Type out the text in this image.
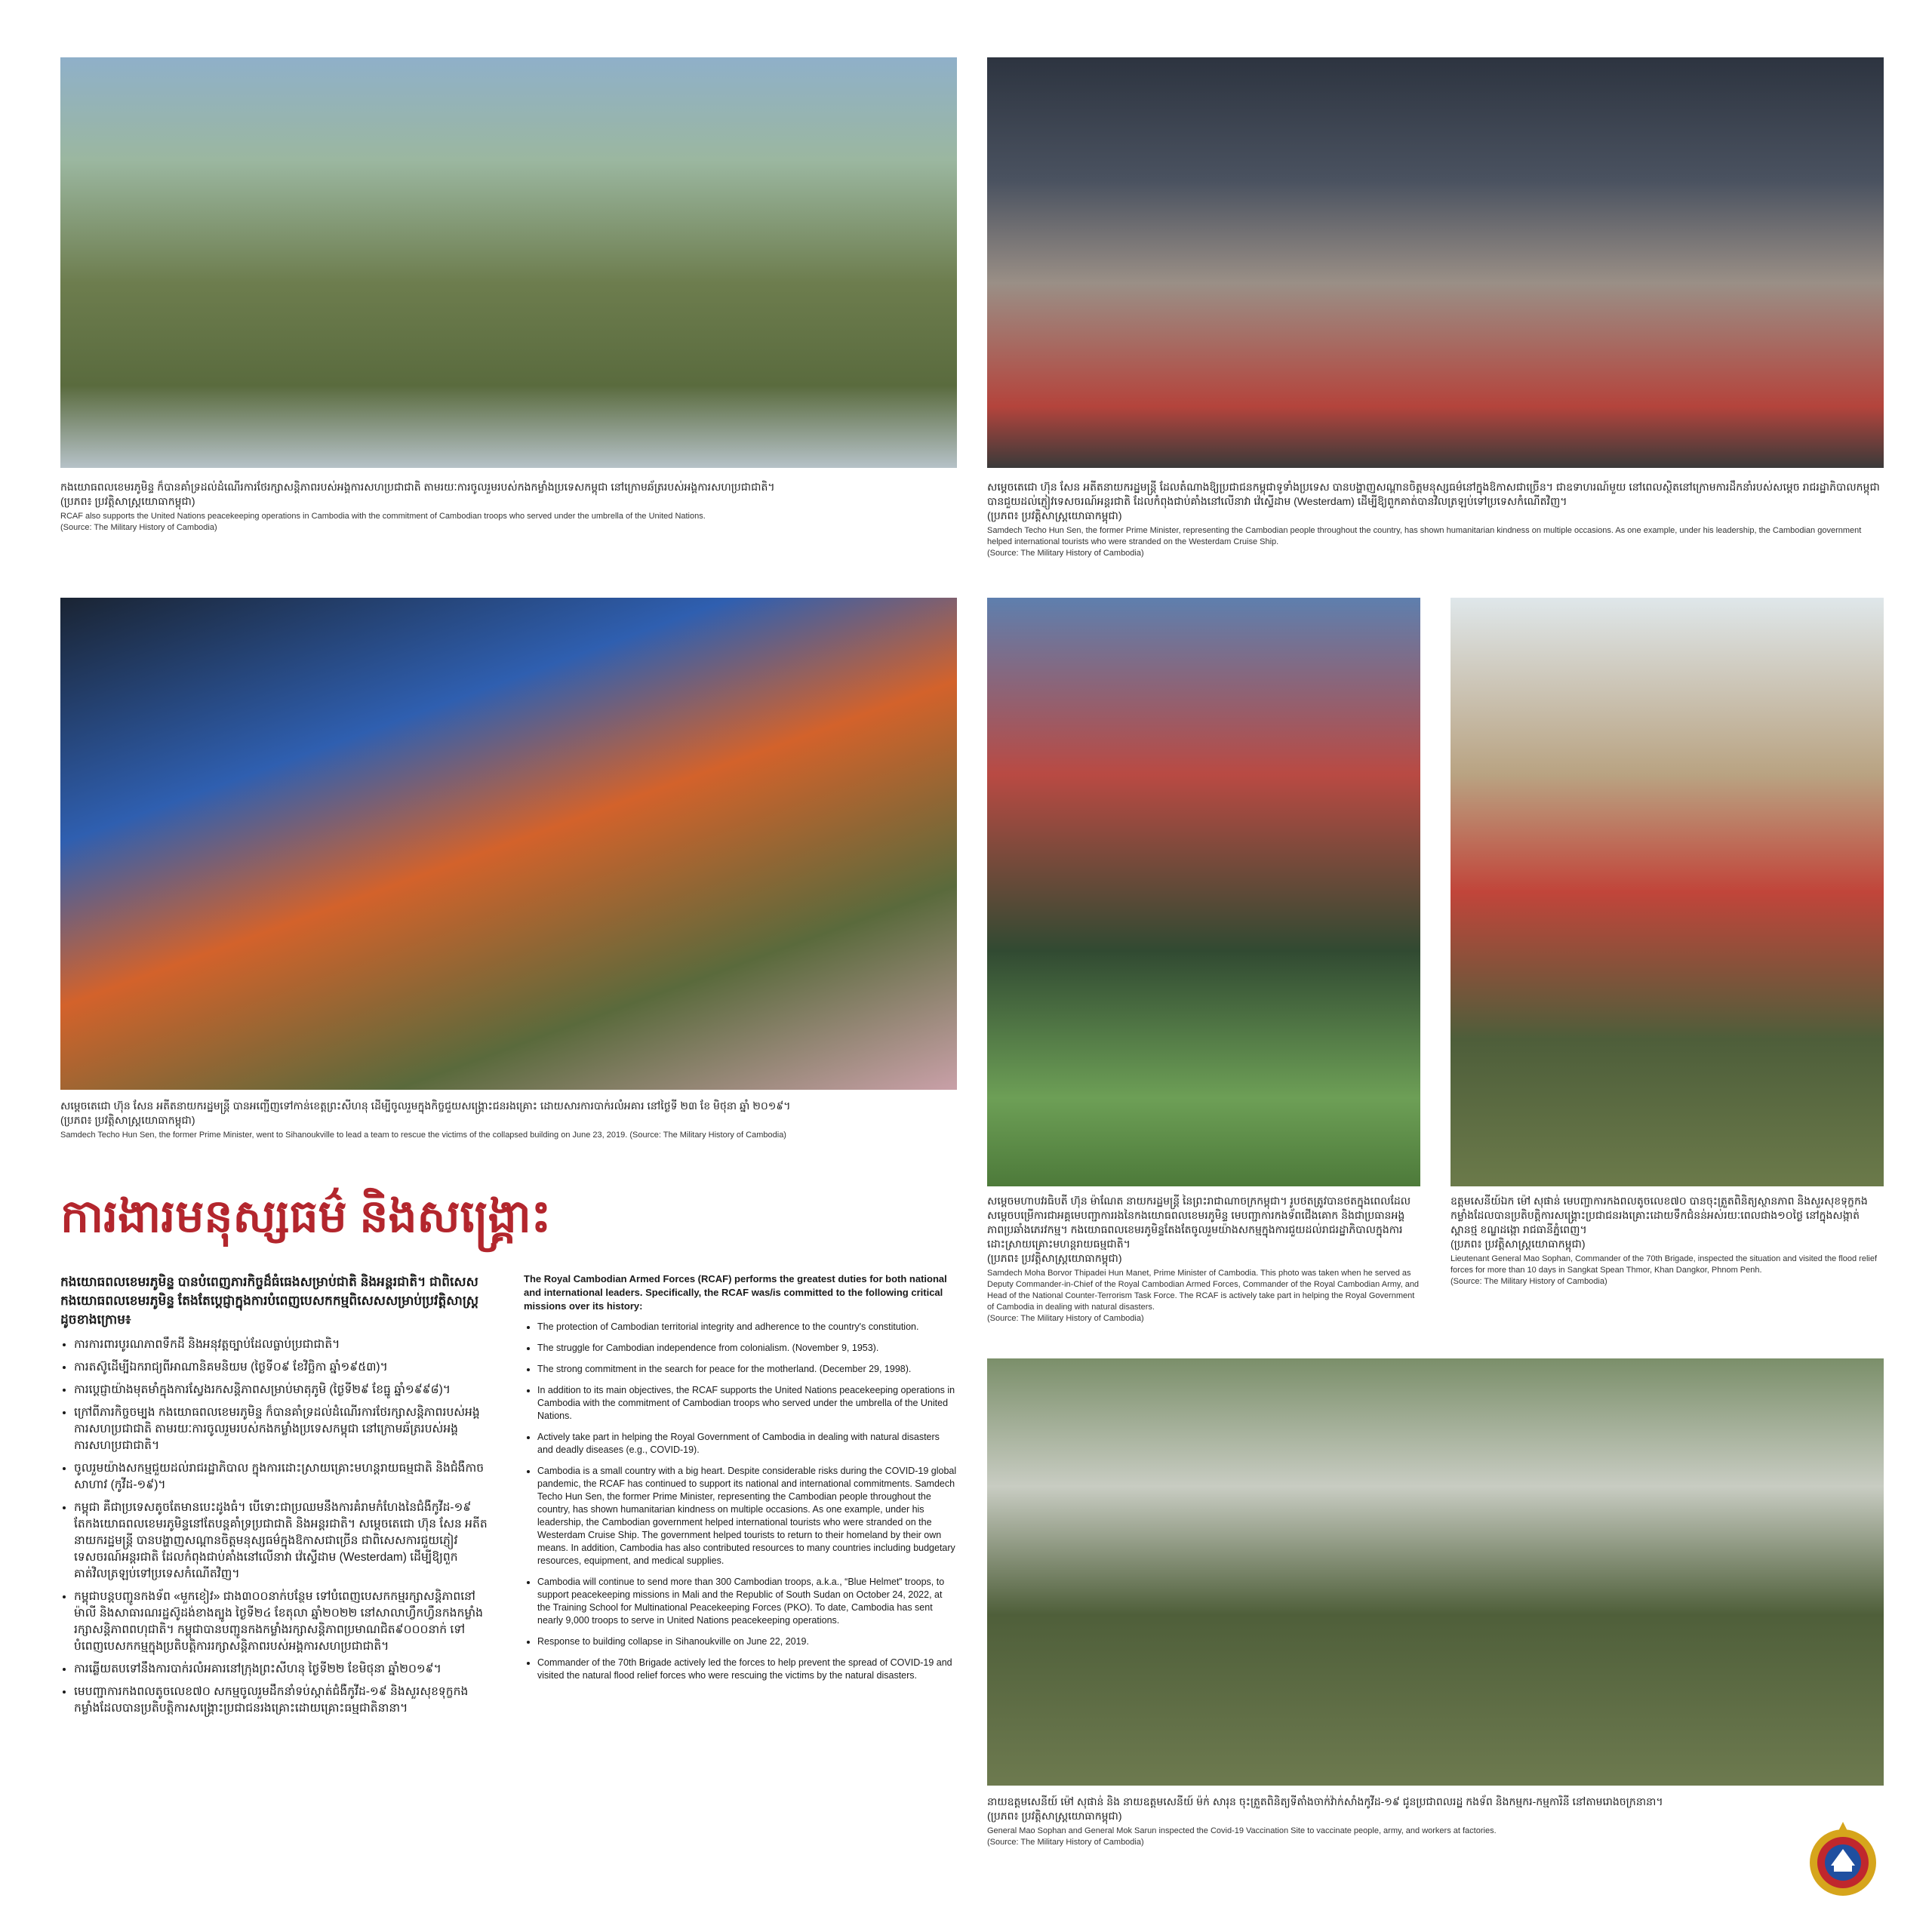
កងយោធពលខេមរភូមិន្ទ ក៏បានគាំទ្រដល់ដំណើរការថែរក្សាសន្តិភាពរបស់អង្គការសហប្រជាជាតិ តាមរយៈការចូលរួមរបស់កងកម្លាំងប្រទេសកម្ពុជា នៅក្រោមឆ័ត្ររបស់អង្គការសហប្រជាជាតិ។
(ប្រភព៖ ប្រវត្តិសាស្ត្រយោធាកម្ពុជា)
RCAF also supports the United Nations peacekeeping operations in Cambodia with the commitment of Cambodian troops who served under the umbrella of the United Nations.
(Source: The Military History of Cambodia)
សម្តេចតេជោ ហ៊ុន សែន អតីតនាយករដ្ឋមន្ត្រី ដែលតំណាងឱ្យប្រជាជនកម្ពុជាទូទាំងប្រទេស បានបង្ហាញសណ្តានចិត្តមនុស្សធម៌នៅក្នុងឱកាសជាច្រើន។ ជាឧទាហរណ៍មួយ នៅពេលស្ថិតនៅក្រោមការដឹកនាំរបស់សម្តេច រាជរដ្ឋាភិបាលកម្ពុជាបានជួយដល់ភ្ញៀវទេសចរណ៍អន្តរជាតិ ដែលកំពុងជាប់គាំងនៅលើនាវា វ៉េស្ទើដាម (Westerdam) ដើម្បីឱ្យពួកគាត់បានវិលត្រឡប់ទៅប្រទេសកំណើតវិញ។
(ប្រភព៖ ប្រវត្តិសាស្ត្រយោធាកម្ពុជា)
Samdech Techo Hun Sen, the former Prime Minister, representing the Cambodian people throughout the country, has shown humanitarian kindness on multiple occasions. As one example, under his leadership, the Cambodian government helped international tourists who were stranded on the Westerdam Cruise Ship.
(Source: The Military History of Cambodia)
សម្តេចតេជោ ហ៊ុន សែន អតីតនាយករដ្ឋមន្ត្រី បានអញ្ជើញទៅកាន់ខេត្តព្រះសីហនុ ដើម្បីចូលរួមក្នុងកិច្ចជួយសង្គ្រោះជនរងគ្រោះ ដោយសារការបាក់រលំអគារ នៅថ្ងៃទី ២៣ ខែ មិថុនា ឆ្នាំ ២០១៩។
(ប្រភព៖ ប្រវត្តិសាស្ត្រយោធាកម្ពុជា)
Samdech Techo Hun Sen, the former Prime Minister, went to Sihanoukville to lead a team to rescue the victims of the collapsed building on June 23, 2019. (Source: The Military History of Cambodia)
សម្តេចមហាបវរធិបតី ហ៊ុន ម៉ាណែត នាយករដ្ឋមន្ត្រី នៃព្រះរាជាណាចក្រកម្ពុជា។ រូបថតត្រូវបានថតក្នុងពេលដែលសម្តេចបម្រើការជាអគ្គមេបញ្ជាការរងនៃកងយោធពលខេមរភូមិន្ទ មេបញ្ជាការកងទ័ពជើងគោក និងជាប្រធានអង្គភាពប្រឆាំងភេរវកម្ម។ កងយោធពលខេមរភូមិន្ទតែងតែចូលរួមយ៉ាងសកម្មក្នុងការជួយដល់រាជរដ្ឋាភិបាលក្នុងការដោះស្រាយគ្រោះមហន្តរាយធម្មជាតិ។
(ប្រភព៖ ប្រវត្តិសាស្ត្រយោធាកម្ពុជា)
Samdech Moha Borvor Thipadei Hun Manet, Prime Minister of Cambodia. This photo was taken when he served as Deputy Commander-in-Chief of the Royal Cambodian Armed Forces, Commander of the Royal Cambodian Army, and Head of the National Counter-Terrorism Task Force. The RCAF is actively take part in helping the Royal Government of Cambodia in dealing with natural disasters.
(Source: The Military History of Cambodia)
ឧត្តមសេនីយ៍ឯក ម៉ៅ សុផាន់ មេបញ្ជាការកងពលតូចលេខ៧០ បានចុះត្រួតពិនិត្យស្ថានភាព និងសួរសុខទុក្ខកងកម្លាំងដែលបានប្រតិបត្តិការសង្គ្រោះប្រជាជនរងគ្រោះដោយទឹកជំនន់អស់រយៈពេលជាង១០ថ្ងៃ នៅក្នុងសង្កាត់ស្ពានថ្ម ខណ្ឌដង្កោ រាជធានីភ្នំពេញ។
(ប្រភព៖ ប្រវត្តិសាស្ត្រយោធាកម្ពុជា)
Lieutenant General Mao Sophan, Commander of the 70th Brigade, inspected the situation and visited the flood relief forces for more than 10 days in Sangkat Spean Thmor, Khan Dangkor, Phnom Penh.
(Source: The Military History of Cambodia)
នាយឧត្តមសេនីយ៍ ម៉ៅ សុផាន់ និង នាយឧត្តមសេនីយ៍ ម៉ក់ សារុន ចុះត្រួតពិនិត្យទីតាំងចាក់វ៉ាក់សាំងកូវីដ-១៩ ជូនប្រជាពលរដ្ឋ កងទ័ព និងកម្មករ-កម្មការិនី នៅតាមរោងចក្រនានា។
(ប្រភព៖ ប្រវត្តិសាស្ត្រយោធាកម្ពុជា)
General Mao Sophan and General Mok Sarun inspected the Covid-19 Vaccination Site to vaccinate people, army, and workers at factories.
(Source: The Military History of Cambodia)
ការងារមនុស្សធម៌ និងសង្គ្រោះ
កងយោធពលខេមរភូមិន្ទ បានបំពេញភារកិច្ចដ៏ធំធេងសម្រាប់ជាតិ និងអន្តរជាតិ។ ជាពិសេស កងយោធពលខេមរភូមិន្ទ តែងតែប្តេជ្ញាក្នុងការបំពេញបេសកកម្មពិសេសសម្រាប់ប្រវត្តិសាស្ត្រដូចខាងក្រោម៖
• ការការពារបូរណភាពទឹកដី និងអនុវត្តច្បាប់ដែលធ្លាប់ប្រជាជាតិ។
• ការតស៊ូដើម្បីឯករាជ្យពីអាណានិគមនិយម (ថ្ងៃទី០៩ ខែវិច្ឆិកា ឆ្នាំ១៩៥៣)។
• ការប្តេជ្ញាយ៉ាងមុតមាំក្នុងការស្វែងរកសន្តិភាពសម្រាប់មាតុភូមិ (ថ្ងៃទី២៩ ខែធ្នូ ឆ្នាំ១៩៩៨)។
• ក្រៅពីភារកិច្ចចម្បង កងយោធពលខេមរភូមិន្ទ ក៏បានគាំទ្រដល់ដំណើរការថែរក្សាសន្តិភាពរបស់អង្គការសហប្រជាជាតិ តាមរយៈការចូលរួមរបស់កងកម្លាំងប្រទេសកម្ពុជា នៅក្រោមឆ័ត្ររបស់អង្គការសហប្រជាជាតិ។
• ចូលរួមយ៉ាងសកម្មជួយដល់រាជរដ្ឋាភិបាល ក្នុងការដោះស្រាយគ្រោះមហន្តរាយធម្មជាតិ និងជំងឺកាចសាហាវ (កូវីដ-១៩)។
• កម្ពុជា គឺជាប្រទេសតូចតែមានបេះដូងធំ។ បើទោះជាប្រឈមនឹងការគំរាមកំហែងនៃជំងឺកូវីដ-១៩ តែកងយោធពលខេមរភូមិន្ទនៅតែបន្តគាំទ្រប្រជាជាតិ និងអន្តរជាតិ។ សម្តេចតេជោ ហ៊ុន សែន អតីតនាយករដ្ឋមន្ត្រី បានបង្ហាញសណ្តានចិត្តមនុស្សធម៌ក្នុងឱកាសជាច្រើន ជាពិសេសការជួយភ្ញៀវទេសចរណ៍អន្តរជាតិ ដែលកំពុងជាប់គាំងនៅលើនាវា វ៉េស្ទើដាម (Westerdam) ដើម្បីឱ្យពួកគាត់វិលត្រឡប់ទៅប្រទេសកំណើតវិញ។
• កម្ពុជាបន្តបញ្ជូនកងទ័ព «មួកខៀវ» ជាង៣០០នាក់បន្ថែម ទៅបំពេញបេសកកម្មរក្សាសន្តិភាពនៅម៉ាលី និងសាធារណរដ្ឋស៊ូដង់ខាងត្បូង ថ្ងៃទី២៤ ខែតុលា ឆ្នាំ២០២២ នៅសាលាហ្វឹកហ្វឺនកងកម្លាំងរក្សាសន្តិភាពពហុជាតិ។ កម្ពុជាបានបញ្ជូនកងកម្លាំងរក្សាសន្តិភាពប្រមាណជិត៩០០០នាក់ ទៅបំពេញបេសកកម្មក្នុងប្រតិបត្តិការរក្សាសន្តិភាពរបស់អង្គការសហប្រជាជាតិ។
• ការឆ្លើយតបទៅនឹងការបាក់រលំអគារនៅក្រុងព្រះសីហនុ ថ្ងៃទី២២ ខែមិថុនា ឆ្នាំ២០១៩។
• មេបញ្ជាការកងពលតូចលេខ៧០ សកម្មចូលរួមដឹកនាំទប់ស្កាត់ជំងឺកូវីដ-១៩ និងសួរសុខទុក្ខកងកម្លាំងដែលបានប្រតិបត្តិការសង្គ្រោះប្រជាជនរងគ្រោះដោយគ្រោះធម្មជាតិនានា។
The Royal Cambodian Armed Forces (RCAF) performs the greatest duties for both national and international leaders. Specifically, the RCAF was/is committed to the following critical missions over its history:
• The protection of Cambodian territorial integrity and adherence to the country's constitution.
• The struggle for Cambodian independence from colonialism. (November 9, 1953).
• The strong commitment in the search for peace for the motherland. (December 29, 1998).
• In addition to its main objectives, the RCAF supports the United Nations peacekeeping operations in Cambodia with the commitment of Cambodian troops who served under the umbrella of the United Nations.
• Actively take part in helping the Royal Government of Cambodia in dealing with natural disasters and deadly diseases (e.g., COVID-19).
• Cambodia is a small country with a big heart. Despite considerable risks during the COVID-19 global pandemic, the RCAF has continued to support its national and international commitments. Samdech Techo Hun Sen, the former Prime Minister, representing the Cambodian people throughout the country, has shown humanitarian kindness on multiple occasions. As one example, under his leadership, the Cambodian government helped international tourists who were stranded on the Westerdam Cruise Ship. The government helped tourists to return to their homeland by their own means. In addition, Cambodia has also contributed resources to many countries including budgetary resources, equipment, and medical supplies.
• Cambodia will continue to send more than 300 Cambodian troops, a.k.a., “Blue Helmet” troops, to support peacekeeping missions in Mali and the Republic of South Sudan on October 24, 2022, at the Training School for Multinational Peacekeeping Forces (PKO). To date, Cambodia has sent nearly 9,000 troops to serve in United Nations peacekeeping operations.
• Response to building collapse in Sihanoukville on June 22, 2019.
• Commander of the 70th Brigade actively led the forces to help prevent the spread of COVID-19 and visited the natural flood relief forces who were rescuing the victims by the natural disasters.
